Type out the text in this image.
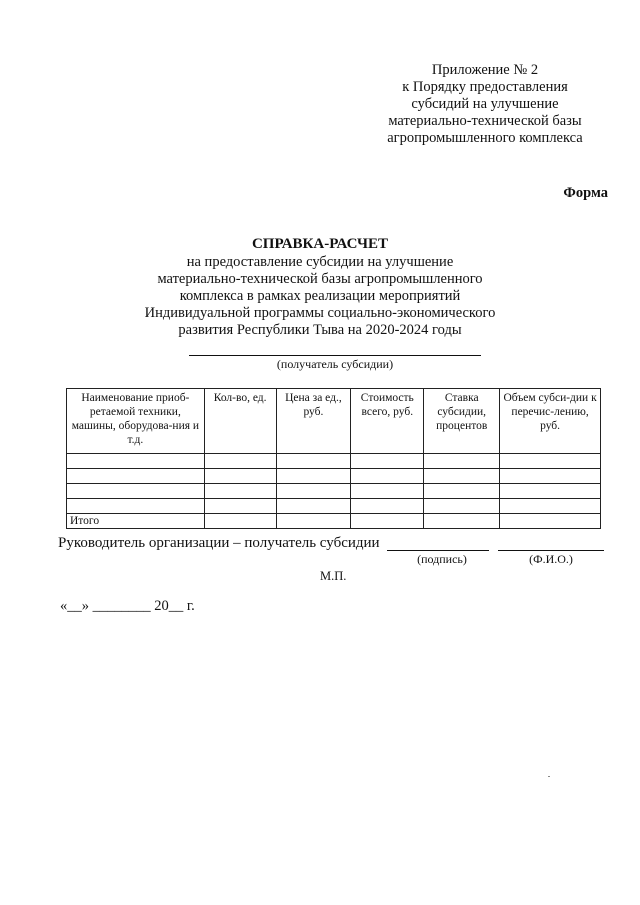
Приложение № 2
к Порядку предоставления
субсидий на улучшение
материально-технической базы
агропромышленного комплекса
Форма
СПРАВКА-РАСЧЕТ
на предоставление субсидии на улучшение
материально-технической базы агропромышленного
комплекса в рамках реализации мероприятий
Индивидуальной программы социально-экономического
развития Республики Тыва на 2020-2024 годы
(получатель субсидии)
Наименование приоб-ретаемой техники, машины, оборудова-ния и т.д.	Кол-во, ед.	Цена за ед., руб.	Стоимость всего, руб.	Ставка субсидии, процентов	Объем субси-дии к перечис-лению, руб.

Итого					
Руководитель организации – получатель субсидии
(подпись)	(Ф.И.О.)
М.П.
«__» ________ 20__ г.
